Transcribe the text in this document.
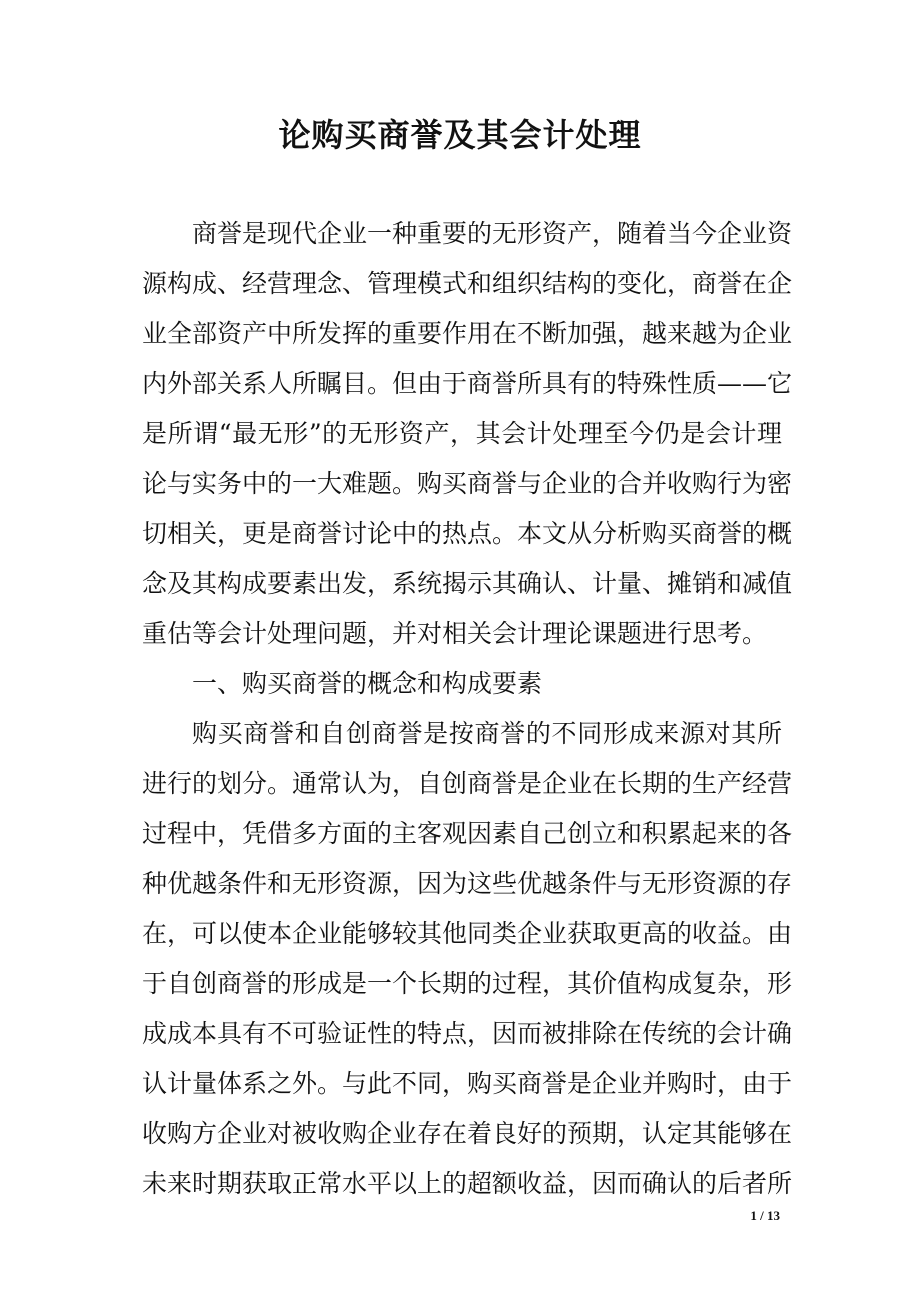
论购买商誉及其会计处理
商誉是现代企业一种重要的无形资产，随着当今企业资
源构成、经营理念、管理模式和组织结构的变化，商誉在企
业全部资产中所发挥的重要作用在不断加强，越来越为企业
内外部关系人所瞩目。但由于商誉所具有的特殊性质——它
是所谓“最无形”的无形资产，其会计处理至今仍是会计理
论与实务中的一大难题。购买商誉与企业的合并收购行为密
切相关，更是商誉讨论中的热点。本文从分析购买商誉的概
念及其构成要素出发，系统揭示其确认、计量、摊销和减值
重估等会计处理问题，并对相关会计理论课题进行思考。
一、购买商誉的概念和构成要素
购买商誉和自创商誉是按商誉的不同形成来源对其所
进行的划分。通常认为，自创商誉是企业在长期的生产经营
过程中，凭借多方面的主客观因素自己创立和积累起来的各
种优越条件和无形资源，因为这些优越条件与无形资源的存
在，可以使本企业能够较其他同类企业获取更高的收益。由
于自创商誉的形成是一个长期的过程，其价值构成复杂，形
成成本具有不可验证性的特点，因而被排除在传统的会计确
认计量体系之外。与此不同，购买商誉是企业并购时，由于
收购方企业对被收购企业存在着良好的预期，认定其能够在
未来时期获取正常水平以上的超额收益，因而确认的后者所
1 / 13
